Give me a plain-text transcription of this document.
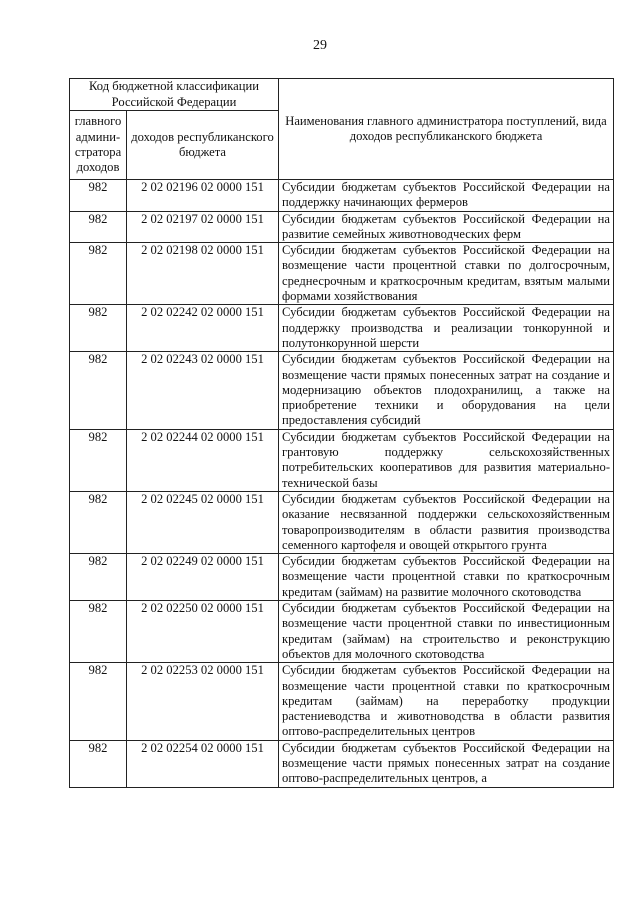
29
Код бюджетной классификации Российской Федерации		Наименования главного администратора поступлений, вида доходов республиканского бюджета
главного админи-стратора доходов	доходов республиканского бюджета	
982	2 02 02196 02 0000 151	Субсидии бюджетам субъектов Российской Федерации на поддержку начинающих фермеров
982	2 02 02197 02 0000 151	Субсидии бюджетам субъектов Российской Федерации на развитие семейных животноводческих ферм
982	2 02 02198 02 0000 151	Субсидии бюджетам субъектов Российской Федерации на возмещение части процентной ставки по долгосрочным, среднесрочным и краткосрочным кредитам, взятым малыми формами хозяйствования
982	2 02 02242 02 0000 151	Субсидии бюджетам субъектов Российской Федерации на поддержку производства и реализации тонкорунной и полутонкорунной шерсти
982	2 02 02243 02 0000 151	Субсидии бюджетам субъектов Российской Федерации на возмещение части прямых понесенных затрат на создание и модернизацию объектов плодохранилищ, а также на приобретение техники и оборудования на цели предоставления субсидий
982	2 02 02244 02 0000 151	Субсидии бюджетам субъектов Российской Федерации на грантовую поддержку сельскохозяйственных потребительских кооперативов для развития материально-технической базы
982	2 02 02245 02 0000 151	Субсидии бюджетам субъектов Российской Федерации на оказание несвязанной поддержки сельскохозяйственным товаропроизводителям в области развития производства семенного картофеля и овощей открытого грунта
982	2 02 02249 02 0000 151	Субсидии бюджетам субъектов Российской Федерации на возмещение части процентной ставки по краткосрочным кредитам (займам) на развитие молочного скотоводства
982	2 02 02250 02 0000 151	Субсидии бюджетам субъектов Российской Федерации на возмещение части процентной ставки по инвестиционным кредитам (займам) на строительство и реконструкцию объектов для молочного скотоводства
982	2 02 02253 02 0000 151	Субсидии бюджетам субъектов Российской Федерации на возмещение части процентной ставки по краткосрочным кредитам (займам) на переработку продукции растениеводства и животноводства в области развития оптово-распределительных центров
982	2 02 02254 02 0000 151	Субсидии бюджетам субъектов Российской Федерации на возмещение части прямых понесенных затрат на создание оптово-распределительных центров, а
